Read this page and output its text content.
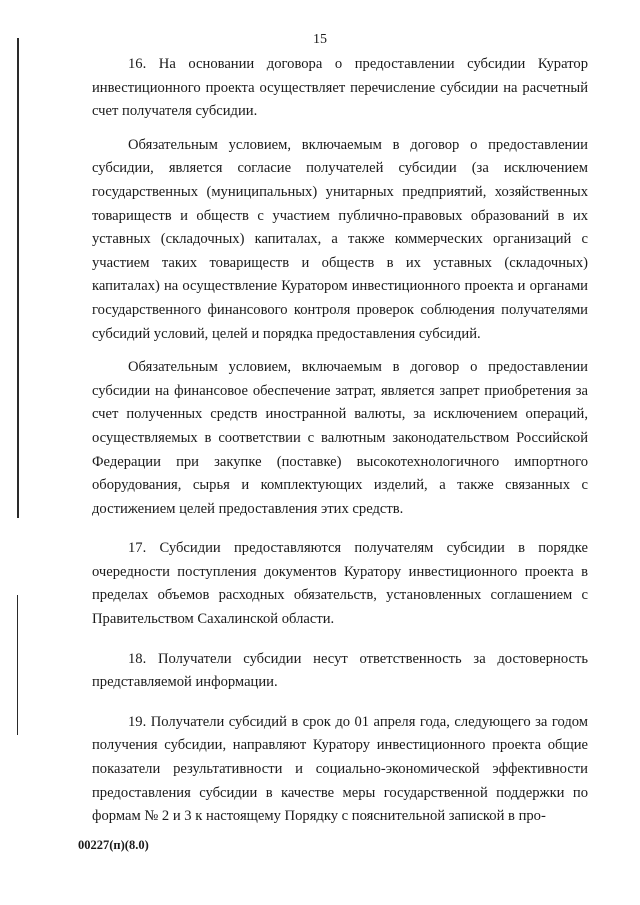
15

16. На основании договора о предоставлении субсидии Куратор инвестиционного проекта осуществляет перечисление субсидии на расчетный счет получателя субсидии.

Обязательным условием, включаемым в договор о предоставлении субсидии, является согласие получателей субсидии (за исключением государственных (муниципальных) унитарных предприятий, хозяйственных товариществ и обществ с участием публично-правовых образований в их уставных (складочных) капиталах, а также коммерческих организаций с участием таких товариществ и обществ в их уставных (складочных) капиталах) на осуществление Куратором инвестиционного проекта и органами государственного финансового контроля проверок соблюдения получателями субсидий условий, целей и порядка предоставления субсидий.

Обязательным условием, включаемым в договор о предоставлении субсидии на финансовое обеспечение затрат, является запрет приобретения за счет полученных средств иностранной валюты, за исключением операций, осуществляемых в соответствии с валютным законодательством Российской Федерации при закупке (поставке) высокотехнологичного импортного оборудования, сырья и комплектующих изделий, а также связанных с достижением целей предоставления этих средств.

17. Субсидии предоставляются получателям субсидии в порядке очередности поступления документов Куратору инвестиционного проекта в пределах объемов расходных обязательств, установленных соглашением с Правительством Сахалинской области.

18. Получатели субсидии несут ответственность за достоверность представляемой информации.

19. Получатели субсидий в срок до 01 апреля года, следующего за годом получения субсидии, направляют Куратору инвестиционного проекта общие показатели результативности и социально-экономической эффективности предоставления субсидии в качестве меры государственной поддержки по формам № 2 и 3 к настоящему Порядку с пояснительной запиской в про-

00227(п)(8.0)
